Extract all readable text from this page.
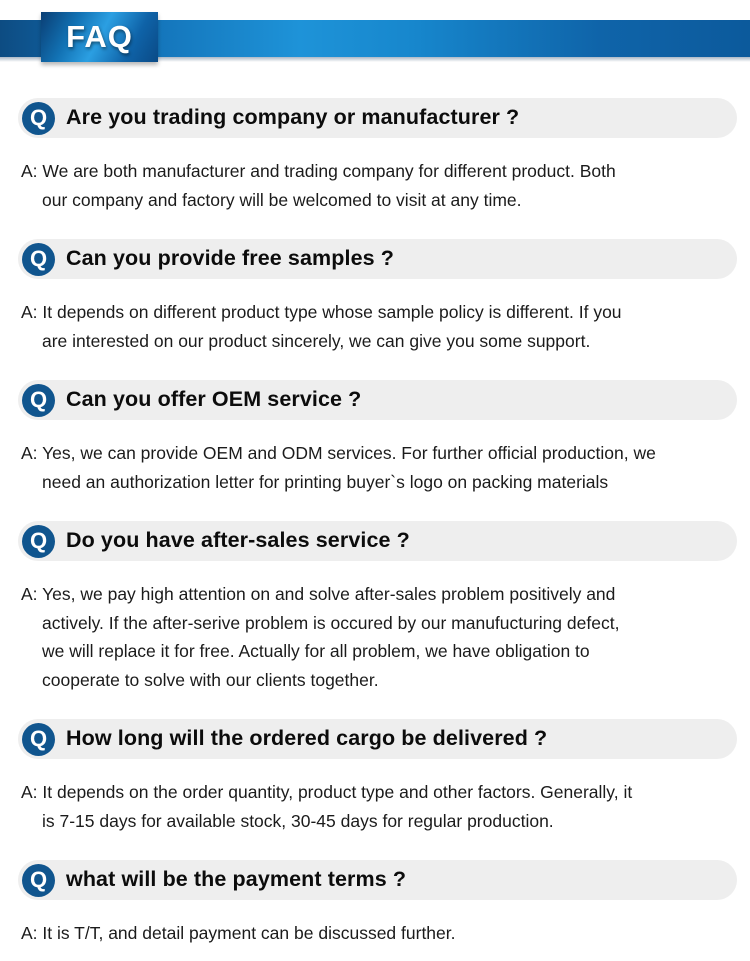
FAQ
Q Are you trading company or manufacturer ?

A: We are both manufacturer and trading company for different product. Both

our company and factory will be welcomed to visit at any time.

Q Can you provide free samples ?

A: It depends on different product type whose sample policy is different. If you

are interested on our product sincerely, we can give you some support.

Q Can you offer OEM service ?

A: Yes, we can provide OEM and ODM services. For further official production, we

need an authorization letter for printing buyer`s logo on packing materials

Q Do you have after-sales service ?

A: Yes, we pay high attention on and solve after-sales problem positively and

actively. If the after-serive problem is occured by our manufucturing defect,

we will replace it for free. Actually for all problem, we have obligation to

cooperate to solve with our clients together.

Q How long will the ordered cargo be delivered ?

A: It depends on the order quantity, product type and other factors. Generally, it

is 7-15 days for available stock, 30-45 days for regular production.

Q what will be the payment terms ?

A: It is T/T, and detail payment can be discussed further.
